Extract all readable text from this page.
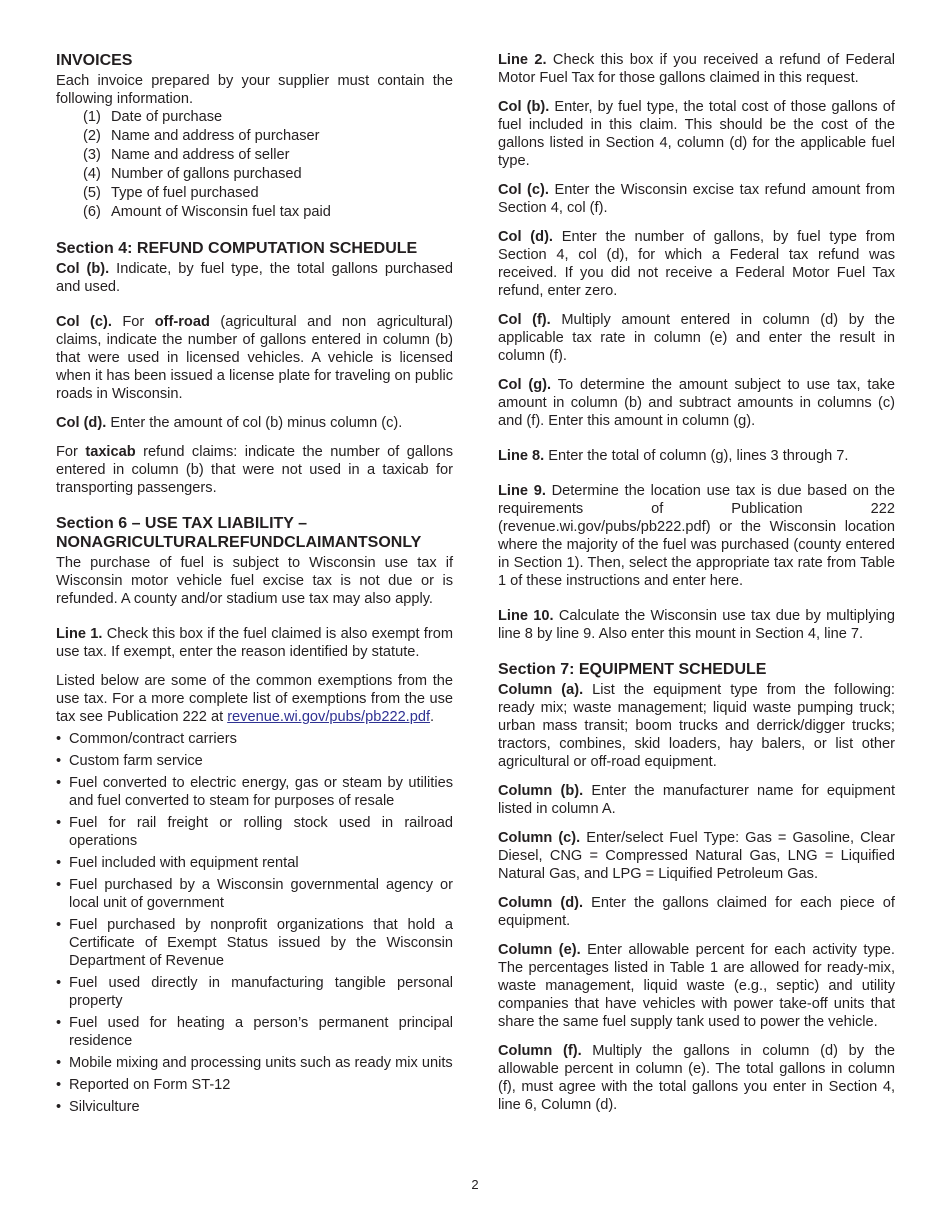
INVOICES

Each invoice prepared by your supplier must contain the following information.

(1) Date of purchase
(2) Name and address of purchaser
(3) Name and address of seller
(4) Number of gallons purchased
(5) Type of fuel purchased
(6) Amount of Wisconsin fuel tax paid
Section 4: REFUND COMPUTATION SCHEDULE

Col (b). Indicate, by fuel type, the total gallons purchased and used.

Col (c). For off-road (agricultural and non agricultural) claims, indicate the number of gallons entered in column (b) that were used in licensed vehicles. A vehicle is licensed when it has been issued a license plate for traveling on public roads in Wisconsin.

Col (d). Enter the amount of col (b) minus column (c).

For taxicab refund claims: indicate the number of gallons entered in column (b) that were not used in a taxicab for transporting passengers.

Section 6 – USE TAX LIABILITY –
NONAGRICULTURALREFUNDCLAIMANTSONLY

The purchase of fuel is subject to Wisconsin use tax if Wisconsin motor vehicle fuel excise tax is not due or is refunded. A county and/or stadium use tax may also apply.

Line 1. Check this box if the fuel claimed is also exempt from use tax. If exempt, enter the reason identified by statute.

Listed below are some of the common exemptions from the use tax. For a more complete list of exemptions from the use tax see Publication 222 at revenue.wi.gov/pubs/pb222.pdf.

• Common/contract carriers
• Custom farm service
• Fuel converted to electric energy, gas or steam by utilities and fuel converted to steam for purposes of resale
• Fuel for rail freight or rolling stock used in railroad operations
• Fuel included with equipment rental
• Fuel purchased by a Wisconsin governmental agency or local unit of government
• Fuel purchased by nonprofit organizations that hold a Certificate of Exempt Status issued by the Wisconsin Department of Revenue
• Fuel used directly in manufacturing tangible personal property
• Fuel used for heating a person’s permanent principal residence
• Mobile mixing and processing units such as ready mix units
• Reported on Form ST-12
• Silviculture

Line 2. Check this box if you received a refund of Federal Motor Fuel Tax for those gallons claimed in this request.

Col (b). Enter, by fuel type, the total cost of those gallons of fuel included in this claim. This should be the cost of the gallons listed in Section 4, column (d) for the applicable fuel type.

Col (c). Enter the Wisconsin excise tax refund amount from Section 4, col (f).

Col (d). Enter the number of gallons, by fuel type from Section 4, col (d), for which a Federal tax refund was received. If you did not receive a Federal Motor Fuel Tax refund, enter zero.

Col (f). Multiply amount entered in column (d) by the applicable tax rate in column (e) and enter the result in column (f).

Col (g). To determine the amount subject to use tax, take amount in column (b) and subtract amounts in columns (c) and (f). Enter this amount in column (g).

Line 8. Enter the total of column (g), lines 3 through 7.

Line 9. Determine the location use tax is due based on the requirements of Publication 222 (revenue.wi.gov/pubs/pb222.pdf) or the Wisconsin location where the majority of the fuel was purchased (county entered in Section 1). Then, select the appropriate tax rate from Table 1 of these instructions and enter here.

Line 10. Calculate the Wisconsin use tax due by multiplying line 8 by line 9. Also enter this mount in Section 4, line 7.

Section 7: EQUIPMENT SCHEDULE

Column (a). List the equipment type from the following: ready mix; waste management; liquid waste pumping truck; urban mass transit; boom trucks and derrick/digger trucks; tractors, combines, skid loaders, hay balers, or list other agricultural or off-road equipment.

Column (b). Enter the manufacturer name for equipment listed in column A.

Column (c). Enter/select Fuel Type: Gas = Gasoline, Clear Diesel, CNG = Compressed Natural Gas, LNG = Liquified Natural Gas, and LPG = Liquified Petroleum Gas.

Column (d). Enter the gallons claimed for each piece of equipment.

Column (e). Enter allowable percent for each activity type. The percentages listed in Table 1 are allowed for ready-mix, waste management, liquid waste (e.g., septic) and utility companies that have vehicles with power take-off units that share the same fuel supply tank used to power the vehicle.

Column (f). Multiply the gallons in column (d) by the allowable percent in column (e). The total gallons in column (f), must agree with the total gallons you enter in Section 4, line 6, Column (d).

2
